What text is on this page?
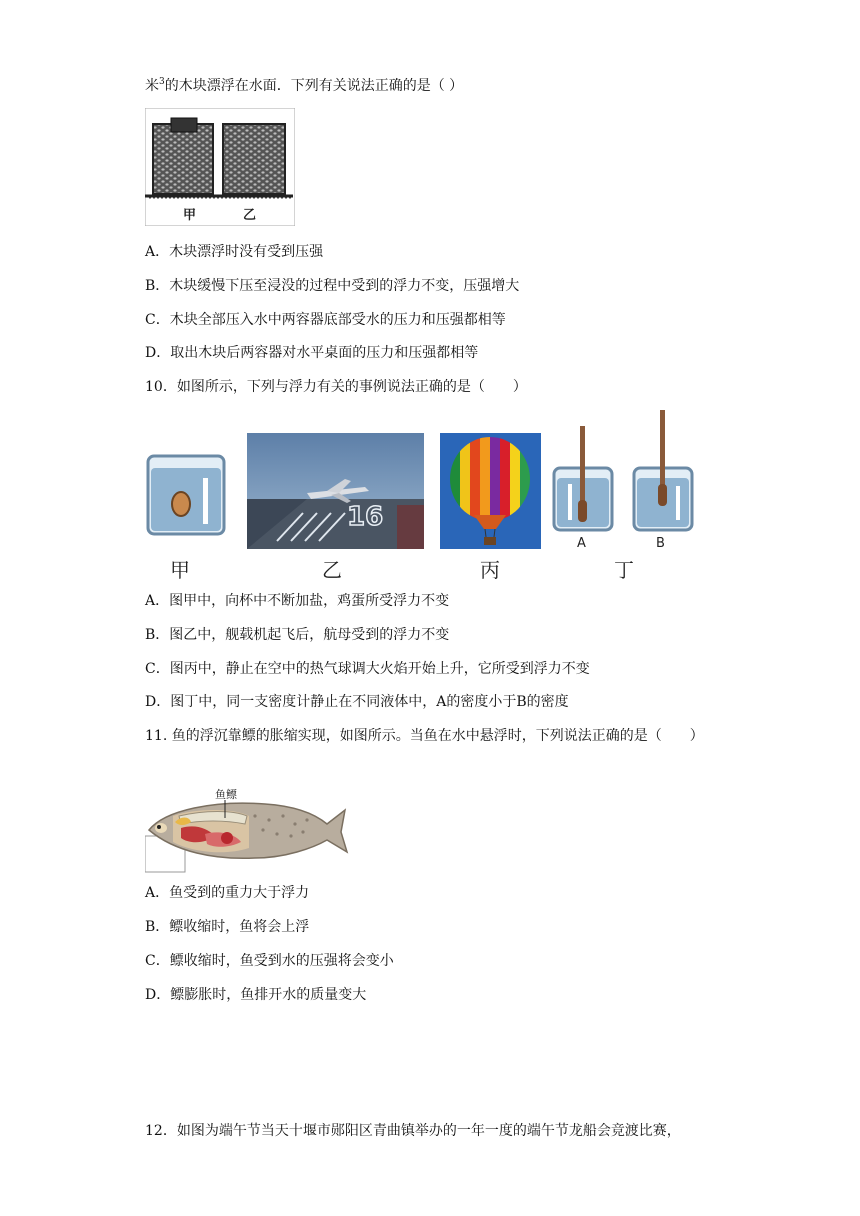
米$^3$的木块漂浮在水面．下列有关说法正确的是（ ）
甲	乙
A．木块漂浮时没有受到压强
B．木块缓慢下压至浸没的过程中受到的浮力不变，压强增大
C．木块全部压入水中两容器底部受水的压力和压强都相等
D．取出木块后两容器对水平桌面的压力和压强都相等
10．如图所示，下列与浮力有关的事例说法正确的是（　　）
甲
16
乙	丙
A	B
丁
A．图甲中，向杯中不断加盐，鸡蛋所受浮力不变
B．图乙中，舰载机起飞后，航母受到的浮力不变
C．图丙中，静止在空中的热气球调大火焰开始上升，它所受到浮力不变
D．图丁中，同一支密度计静止在不同液体中，A的密度小于B的密度
11. 鱼的浮沉靠鳔的胀缩实现，如图所示。当鱼在水中悬浮时，下列说法正确的是（　　）
鱼鳔
A．鱼受到的重力大于浮力
B．鳔收缩时，鱼将会上浮
C．鳔收缩时，鱼受到水的压强将会变小
D．鳔膨胀时，鱼排开水的质量变大
12．如图为端午节当天十堰市郧阳区青曲镇举办的一年一度的端午节龙船会竞渡比赛，
